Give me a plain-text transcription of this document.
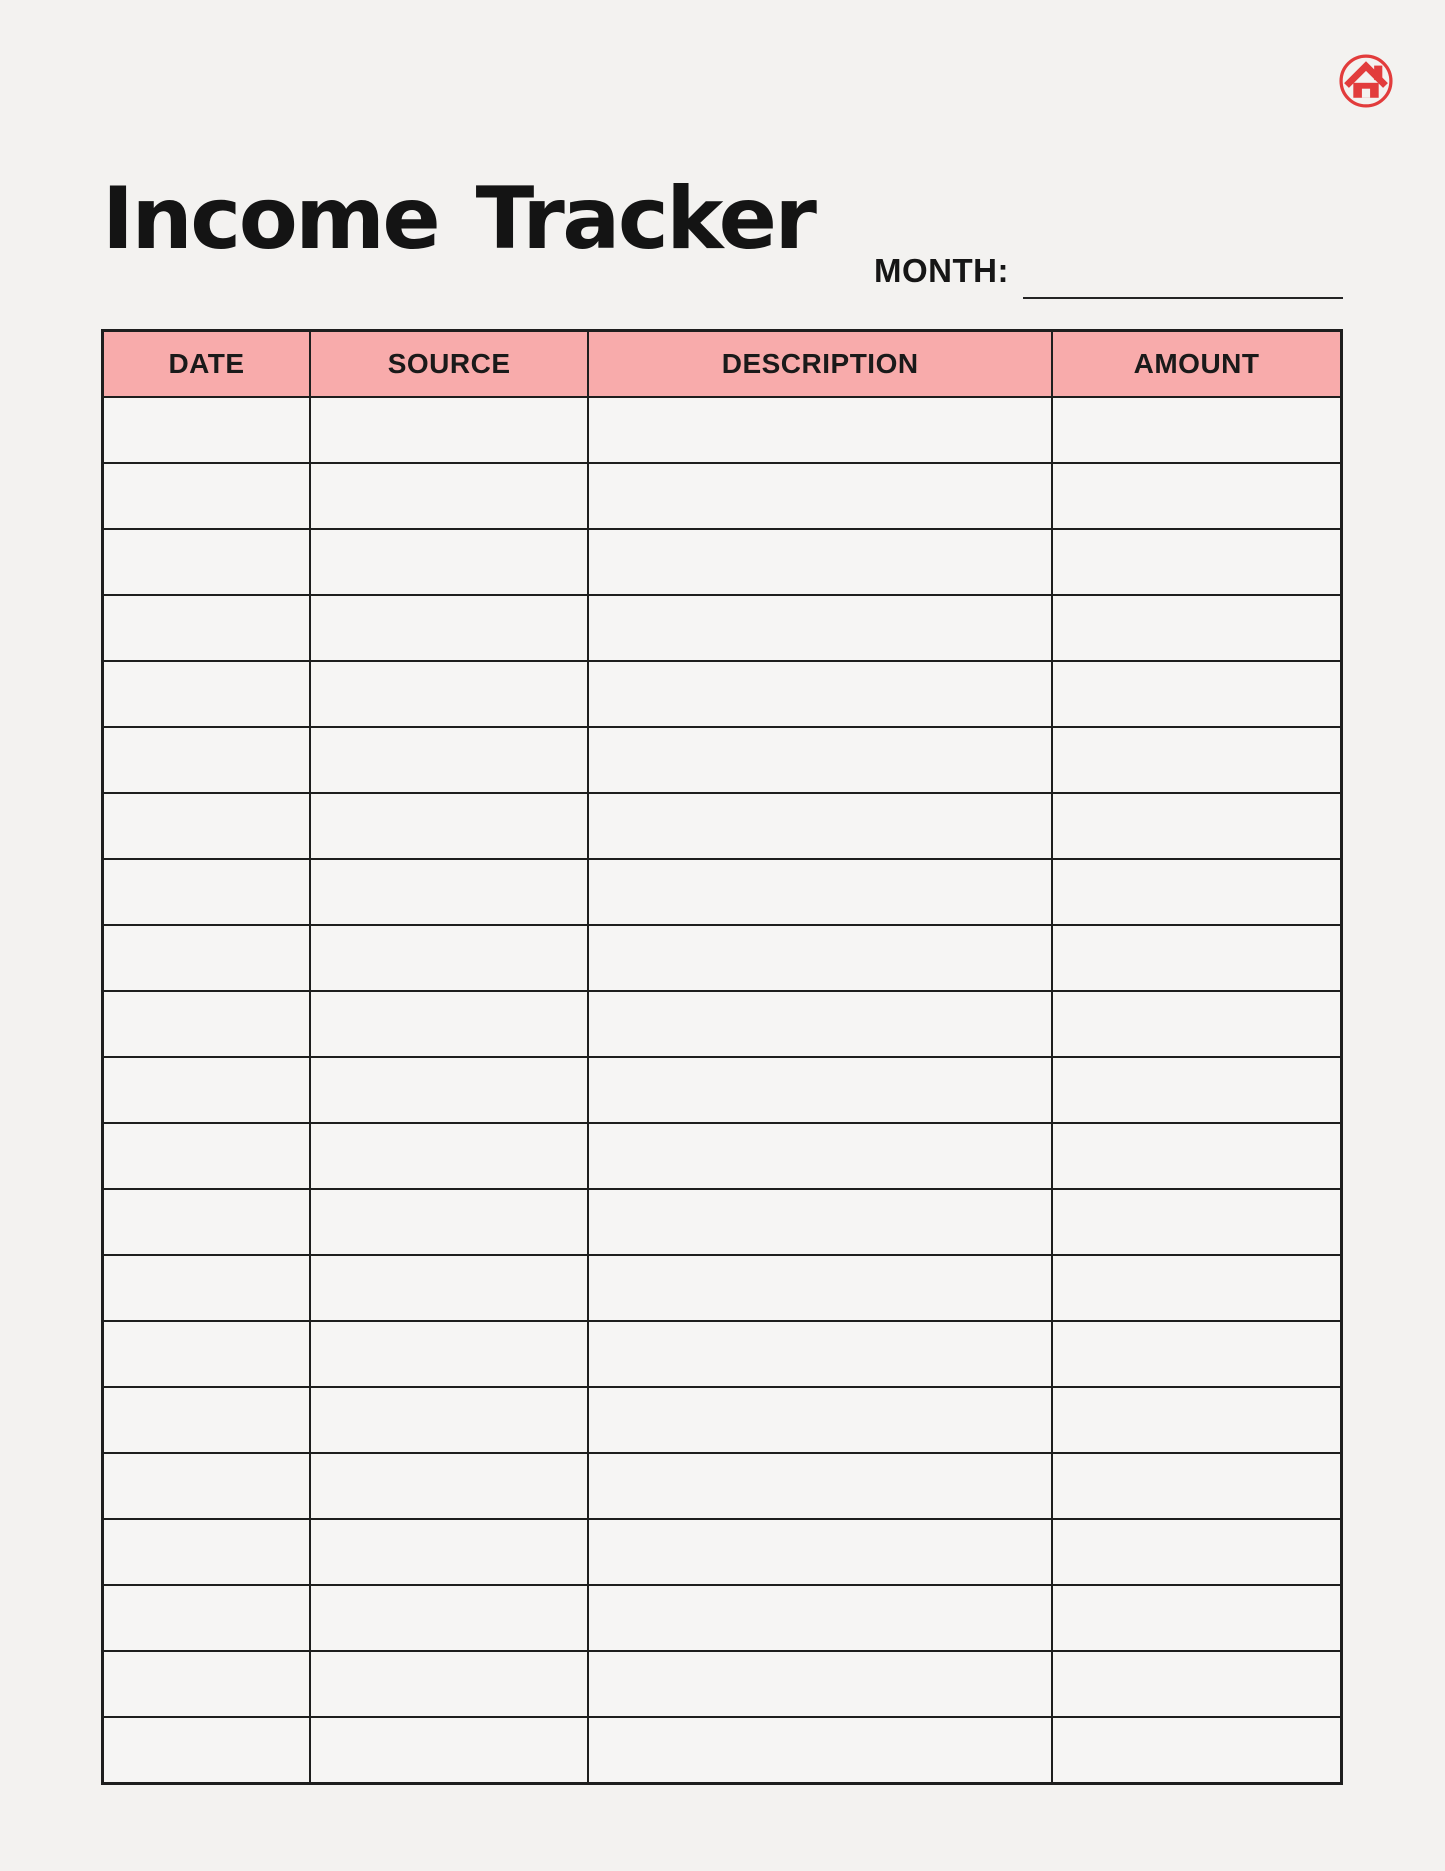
Income Tracker
MONTH:
DATE	SOURCE	DESCRIPTION	AMOUNT
